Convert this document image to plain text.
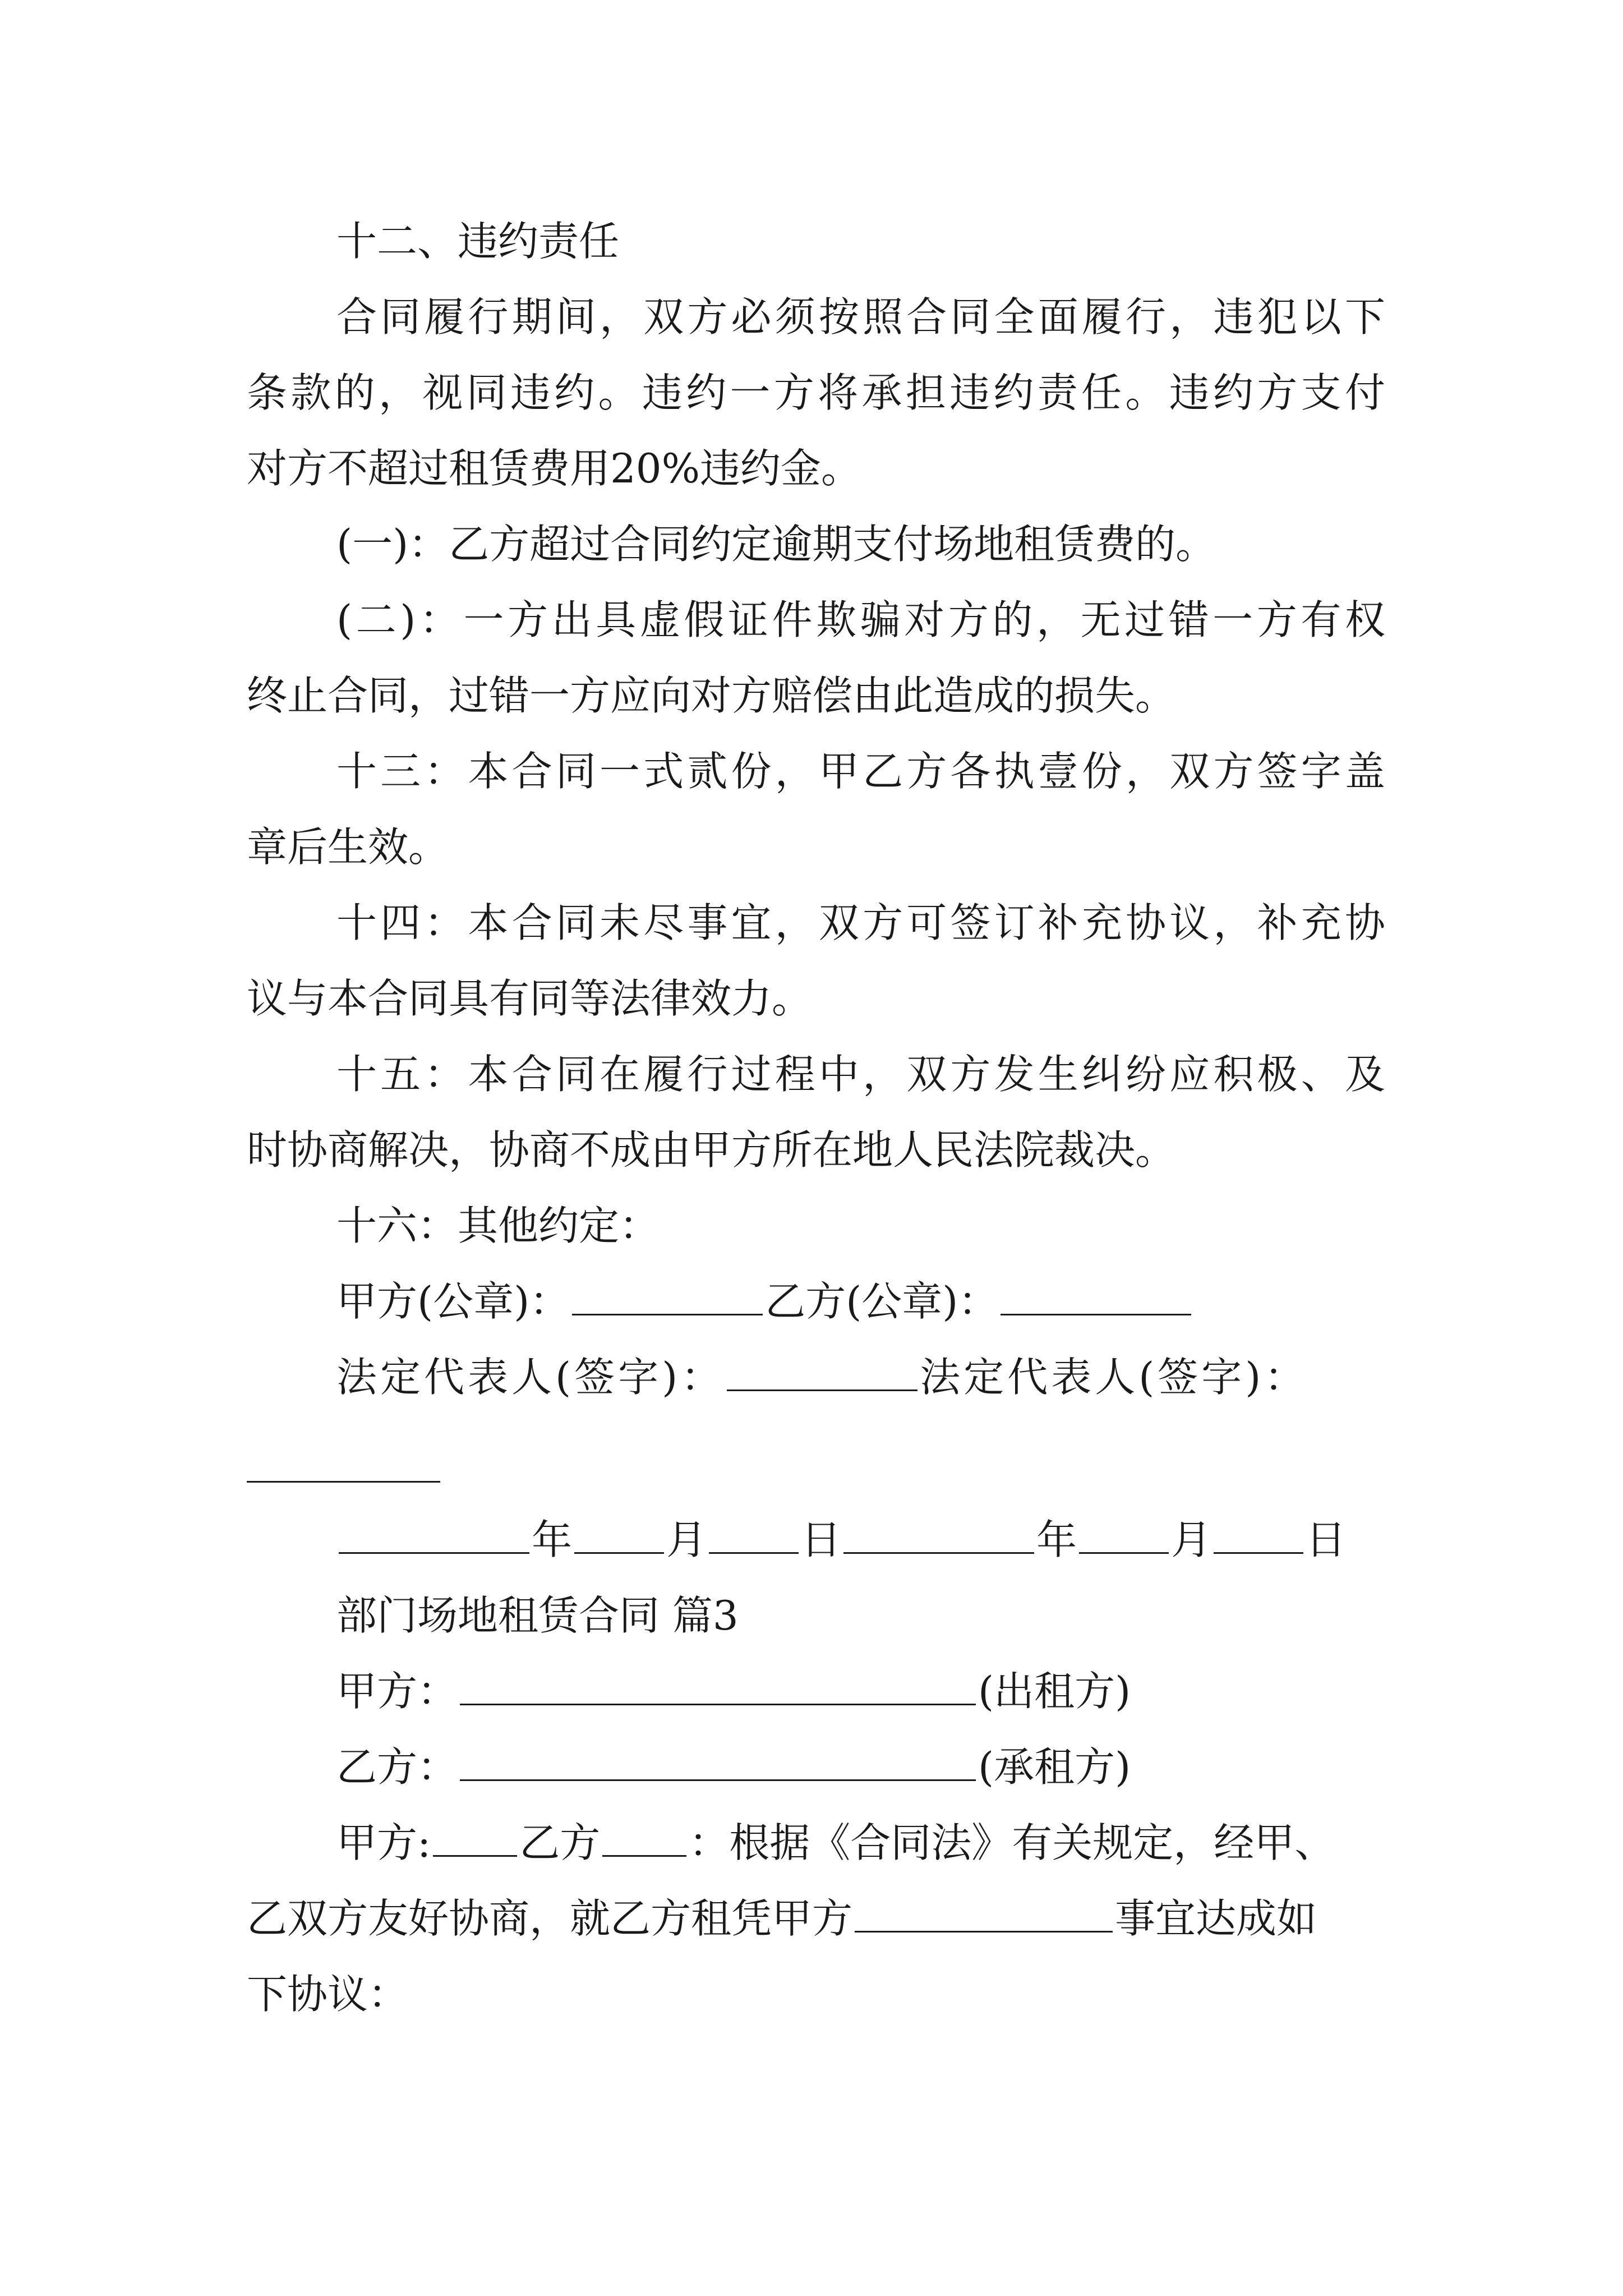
十二、违约责任
合同履行期间，双方必须按照合同全面履行，违犯以下
条款的，视同违约。违约一方将承担违约责任。违约方支付
对方不超过租赁费用20%违约金。
(一)：乙方超过合同约定逾期支付场地租赁费的。
(二)：一方出具虚假证件欺骗对方的，无过错一方有权
终止合同，过错一方应向对方赔偿由此造成的损失。
十三：本合同一式贰份，甲乙方各执壹份，双方签字盖
章后生效。
十四：本合同未尽事宜，双方可签订补充协议，补充协
议与本合同具有同等法律效力。
十五：本合同在履行过程中，双方发生纠纷应积极、及
时协商解决，协商不成由甲方所在地人民法院裁决。
十六：其他约定：
甲方(公章)：	乙方(公章)：
法定代表人(签字)：	法定代表人(签字)：
年 月 日	年 月 日
部门场地租赁合同 篇3
甲方：	(出租方)
乙方：	(承租方)
甲方: 乙方 ：根据《合同法》有关规定，经甲、
乙双方友好协商，就乙方租凭甲方	事宜达成如
下协议：
